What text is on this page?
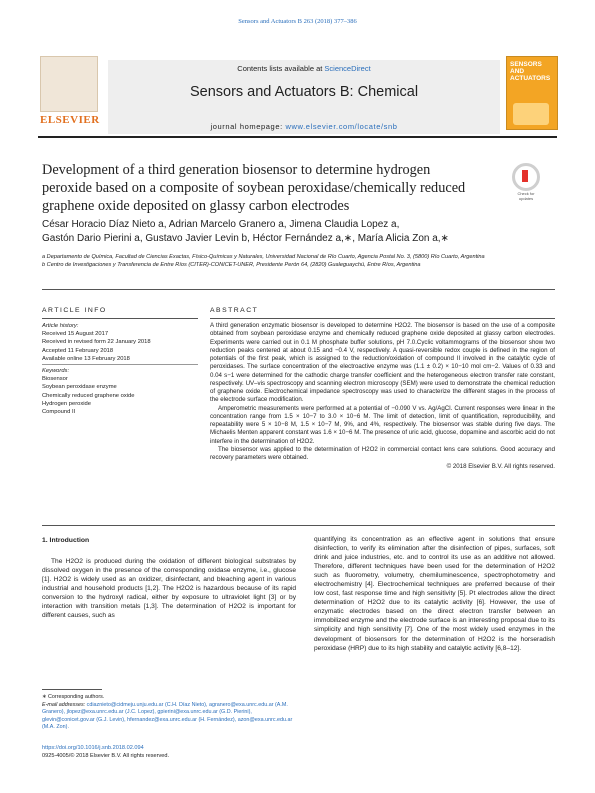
Sensors and Actuators B 263 (2018) 377–386
ELSEVIER
Contents lists available at ScienceDirect
Sensors and Actuators B: Chemical
journal homepage: www.elsevier.com/locate/snb
SENSORS AND ACTUATORS
Development of a third generation biosensor to determine hydrogen peroxide based on a composite of soybean peroxidase/chemically reduced graphene oxide deposited on glassy carbon electrodes
Check for updates
César Horacio Díaz Nieto a, Adrian Marcelo Granero a, Jimena Claudia Lopez a,
Gastón Dario Pierini a, Gustavo Javier Levin b, Héctor Fernández a,∗, María Alicia Zon a,∗
a Departamento de Química, Facultad de Ciencias Exactas, Físico-Químicas y Naturales, Universidad Nacional de Río Cuarto, Agencia Postal No. 3, (5800) Río Cuarto, Argentina
b Centro de Investigaciones y Transferencia de Entre Ríos (CITER)-CONICET-UNER, Presidente Perón 64, (2820) Gualeguaychú, Entre Ríos, Argentina
ARTICLE INFO	ABSTRACT
Article history:
Received 15 August 2017
Received in revised form 22 January 2018
Accepted 11 February 2018
Available online 13 February 2018
Keywords:
Biosensor
Soybean peroxidase enzyme
Chemically reduced graphene oxide
Hydrogen peroxide
Compound II

A third generation enzymatic biosensor is developed to determine H2O2. The biosensor is based on the use of a composite obtained from soybean peroxidase enzyme and chemically reduced graphene oxide deposited at glassy carbon electrodes. Experiments were carried out in 0.1 M phosphate buffer solutions, pH 7.0.Cyclic voltammograms of the biosensor show two reduction peaks centered at about 0.15 and −0.4 V, respectively. A quasi-reversible redox couple is defined in the region of potentials of the first peak, which is assigned to the reduction/oxidation of compound II involved in the catalytic cycle of peroxidases. The surface concentration of the electroactive enzyme was (1.1 ± 0.2) × 10−10 mol cm−2. Values of 0.33 and 0.04 s−1 were determined for the cathodic charge transfer coefficient and the heterogeneous electron transfer rate constant, respectively. UV–vis spectroscopy and scanning electron microscopy (SEM) were used to demonstrate the chemical reduction of graphene oxide. Electrochemical impedance spectroscopy was used to characterize the different stages in the process of the electrode surface modification.

Amperometric measurements were performed at a potential of −0.090 V vs. Ag/AgCl. Current responses were linear in the concentration range from 1.5 × 10−7 to 3.0 × 10−6 M. The limit of detection, limit of quantification, reproducibility, and repeatability were 5 × 10−8 M, 1.5 × 10−7 M, 9%, and 4%, respectively. The biosensor was stable during five days. The Michaelis Menten apparent constant was 1.6 × 10−6 M. The presence of uric acid, glucose, dopamine and ascorbic acid do not interfere in the determination of H2O2.

The biosensor was applied to the determination of H2O2 in commercial contact lens care solutions. Good accuracy and recovery parameters were obtained.

© 2018 Elsevier B.V. All rights reserved.
1. Introduction
The H2O2 is produced during the oxidation of different biological substrates by dissolved oxygen in the presence of the corresponding oxidase enzyme, i.e., glucose [1]. H2O2 is widely used as an oxidizer, disinfectant, and bleaching agent in various industrial and household products [1,2]. The H2O2 is hazardous because of its rapid conversion to the hydroxyl radical, either by exposure to ultraviolet light [3] or by interaction with transition metals [1,3]. The determination of H2O2 is important for different causes, such as
quantifying its concentration as an effective agent in solutions that ensure disinfection, to verify its elimination after the disinfection of pipes, surfaces, soft drink and juice industries, etc. and to control its use as an additive not allowed. Therefore, different techniques have been used for the determination of H2O2 such as fluorometry, volumetry, chemiluminescence, spectrophotometry and electrochemistry [4]. Electrochemical techniques are preferred because of their low cost, fast response time and high sensitivity [5]. Pt electrodes allow the direct determination of H2O2 due to its catalytic activity [6]. However, the use of enzymatic electrodes based on the direct electron transfer between an immobilized enzyme and the electrode surface is an interesting proposal due to its simplicity and high sensitivity [7]. One of the most widely used enzymes in the development of biosensors for the determination of H2O2 is the horseradish peroxidase (HRP) due to its high stability and catalytic activity [6,8–12].
∗ Corresponding authors.
E-mail addresses: cdiaznieto@cidmeju.unju.edu.ar (C.H. Díaz Nieto), agranero@exa.unrc.edu.ar (A.M. Granero), jlopez@exa.unrc.edu.ar (J.C. Lopez), gpierini@exa.unrc.edu.ar (G.D. Pierini), glevin@conicet.gov.ar (G.J. Levin), hfernandez@exa.unrc.edu.ar (H. Fernández), azon@exa.unrc.edu.ar (M.A. Zon).
https://doi.org/10.1016/j.snb.2018.02.094
0925-4005/© 2018 Elsevier B.V. All rights reserved.
